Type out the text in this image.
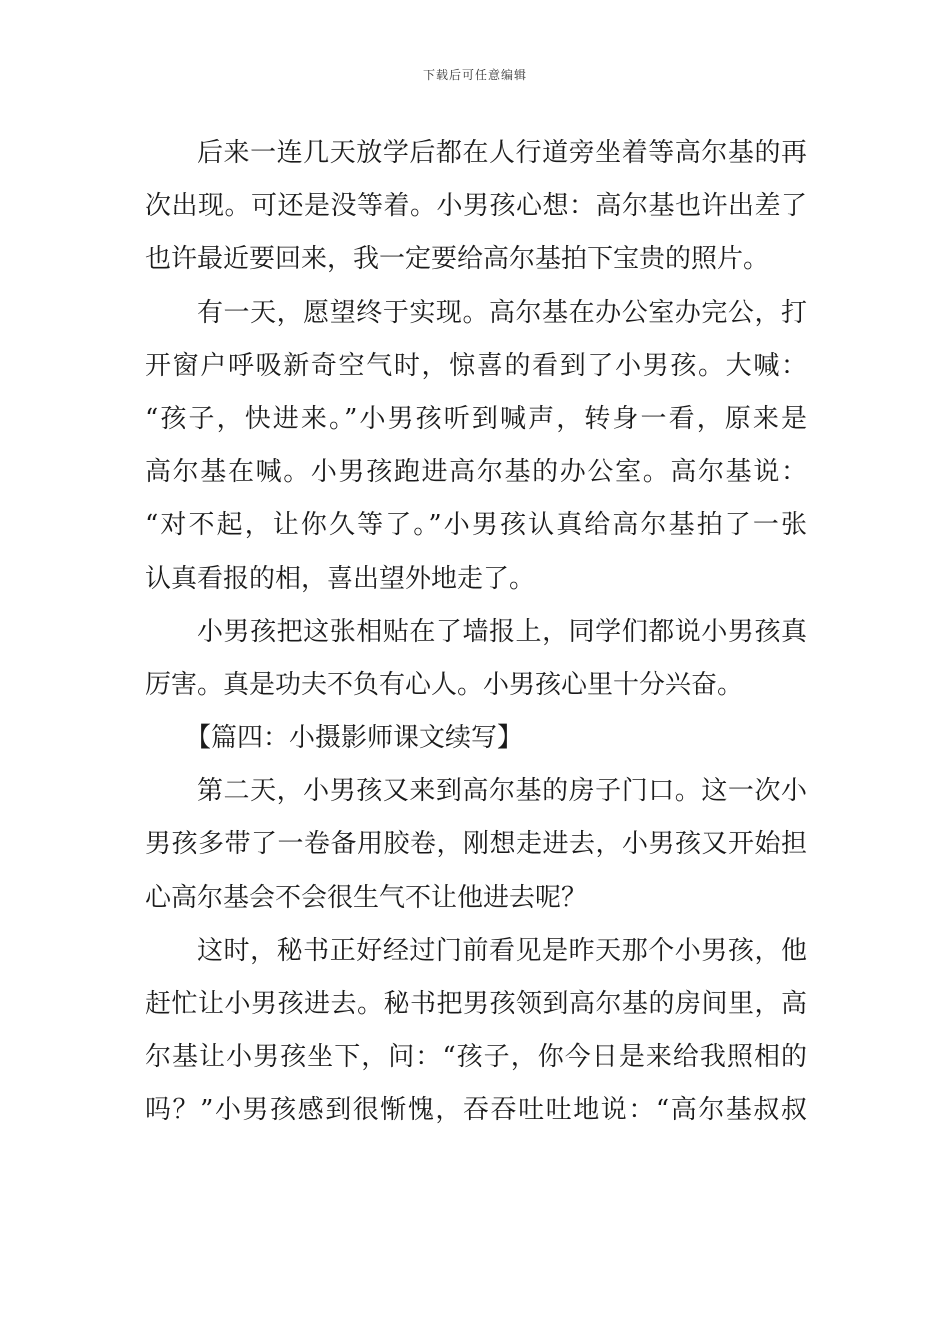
下载后可任意编辑
后来一连几天放学后都在人行道旁坐着等高尔基的再
次出现。可还是没等着。小男孩心想：高尔基也许出差了
也许最近要回来，我一定要给高尔基拍下宝贵的照片。
有一天，愿望终于实现。高尔基在办公室办完公，打
开窗户呼吸新奇空气时，惊喜的看到了小男孩。大喊：
“孩子，快进来。”小男孩听到喊声，转身一看，原来是
高尔基在喊。小男孩跑进高尔基的办公室。高尔基说：
“对不起，让你久等了。”小男孩认真给高尔基拍了一张
认真看报的相，喜出望外地走了。
小男孩把这张相贴在了墙报上，同学们都说小男孩真
厉害。真是功夫不负有心人。小男孩心里十分兴奋。
【篇四：小摄影师课文续写】
第二天，小男孩又来到高尔基的房子门口。这一次小
男孩多带了一卷备用胶卷，刚想走进去，小男孩又开始担
心高尔基会不会很生气不让他进去呢？
这时，秘书正好经过门前看见是昨天那个小男孩，他
赶忙让小男孩进去。秘书把男孩领到高尔基的房间里，高
尔基让小男孩坐下，问：“孩子，你今日是来给我照相的
吗？”小男孩感到很惭愧，吞吞吐吐地说：“高尔基叔叔
